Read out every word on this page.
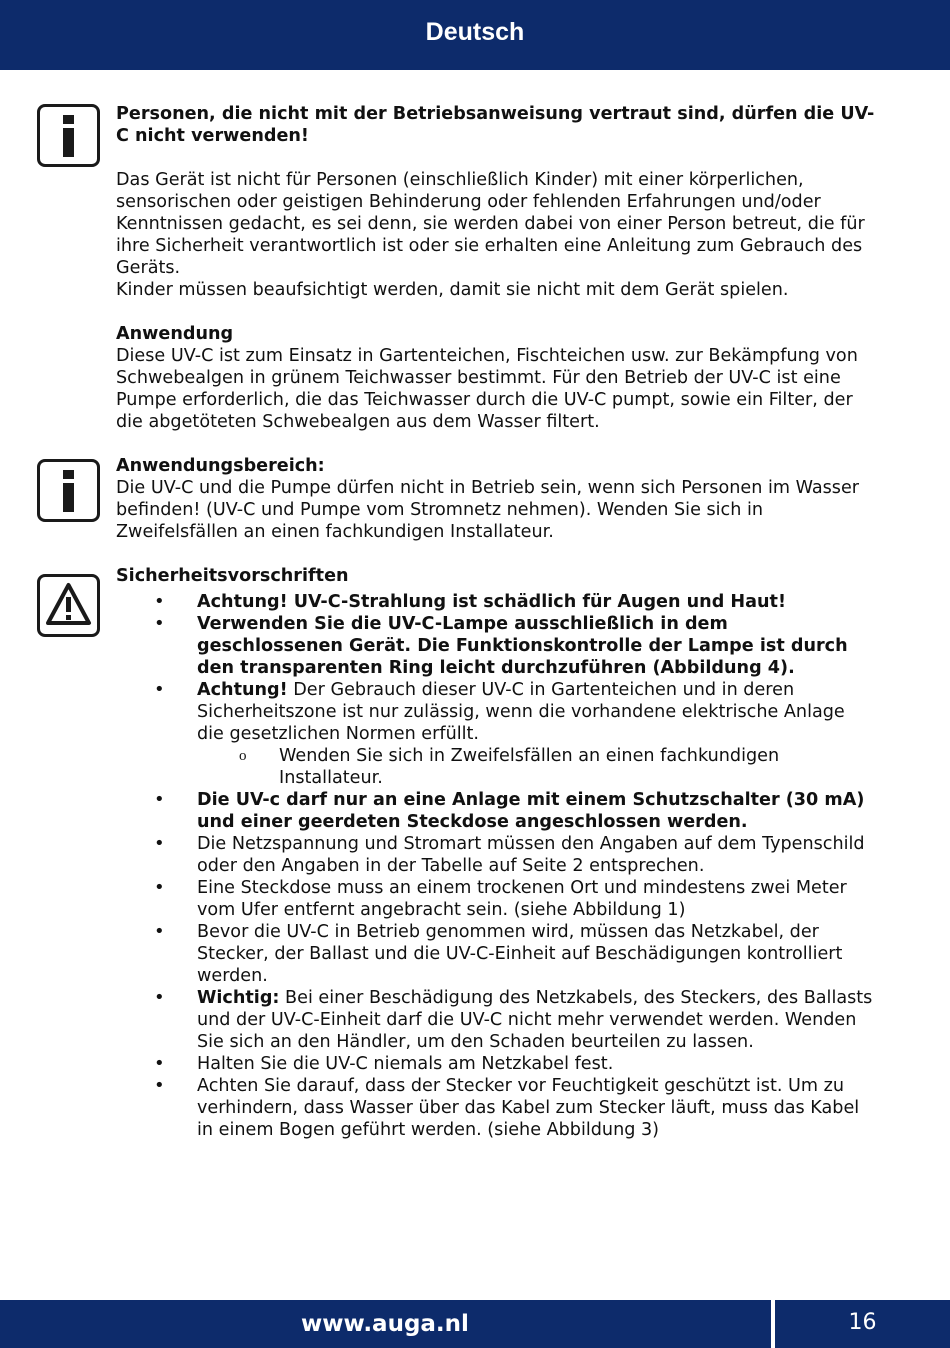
Deutsch

Personen, die nicht mit der Betriebsanweisung vertraut sind, dürfen die UV-C nicht verwenden!

Das Gerät ist nicht für Personen (einschließlich Kinder) mit einer körperlichen, sensorischen oder geistigen Behinderung oder fehlenden Erfahrungen und/oder Kenntnissen gedacht, es sei denn, sie werden dabei von einer Person betreut, die für ihre Sicherheit verantwortlich ist oder sie erhalten eine Anleitung zum Gebrauch des Geräts.

Kinder müssen beaufsichtigt werden, damit sie nicht mit dem Gerät spielen.

Anwendung

Diese UV-C ist zum Einsatz in Gartenteichen, Fischteichen usw. zur Bekämpfung von Schwebealgen in grünem Teichwasser bestimmt. Für den Betrieb der UV-C ist eine Pumpe erforderlich, die das Teichwasser durch die UV-C pumpt, sowie ein Filter, der die abgetöteten Schwebealgen aus dem Wasser filtert.

Anwendungsbereich:

Die UV-C und die Pumpe dürfen nicht in Betrieb sein, wenn sich Personen im Wasser befinden! (UV-C und Pumpe vom Stromnetz nehmen). Wenden Sie sich in Zweifelsfällen an einen fachkundigen Installateur.

Sicherheitsvorschriften

• Achtung! UV-C-Strahlung ist schädlich für Augen und Haut!
• Verwenden Sie die UV-C-Lampe ausschließlich in dem geschlossenen Gerät. Die Funktionskontrolle der Lampe ist durch den transparenten Ring leicht durchzuführen (Abbildung 4).
• Achtung! Der Gebrauch dieser UV-C in Gartenteichen und in deren Sicherheitszone ist nur zulässig, wenn die vorhandene elektrische Anlage die gesetzlichen Normen erfüllt.
o Wenden Sie sich in Zweifelsfällen an einen fachkundigen Installateur.
• Die UV-c darf nur an eine Anlage mit einem Schutzschalter (30 mA) und einer geerdeten Steckdose angeschlossen werden.
• Die Netzspannung und Stromart müssen den Angaben auf dem Typenschild oder den Angaben in der Tabelle auf Seite 2 entsprechen.
• Eine Steckdose muss an einem trockenen Ort und mindestens zwei Meter vom Ufer entfernt angebracht sein. (siehe Abbildung 1)
• Bevor die UV-C in Betrieb genommen wird, müssen das Netzkabel, der Stecker, der Ballast und die UV-C-Einheit auf Beschädigungen kontrolliert werden.
• Wichtig: Bei einer Beschädigung des Netzkabels, des Steckers, des Ballasts und der UV-C-Einheit darf die UV-C nicht mehr verwendet werden. Wenden Sie sich an den Händler, um den Schaden beurteilen zu lassen.
• Halten Sie die UV-C niemals am Netzkabel fest.
• Achten Sie darauf, dass der Stecker vor Feuchtigkeit geschützt ist. Um zu verhindern, dass Wasser über das Kabel zum Stecker läuft, muss das Kabel in einem Bogen geführt werden. (siehe Abbildung 3)
www.auga.nl	16
